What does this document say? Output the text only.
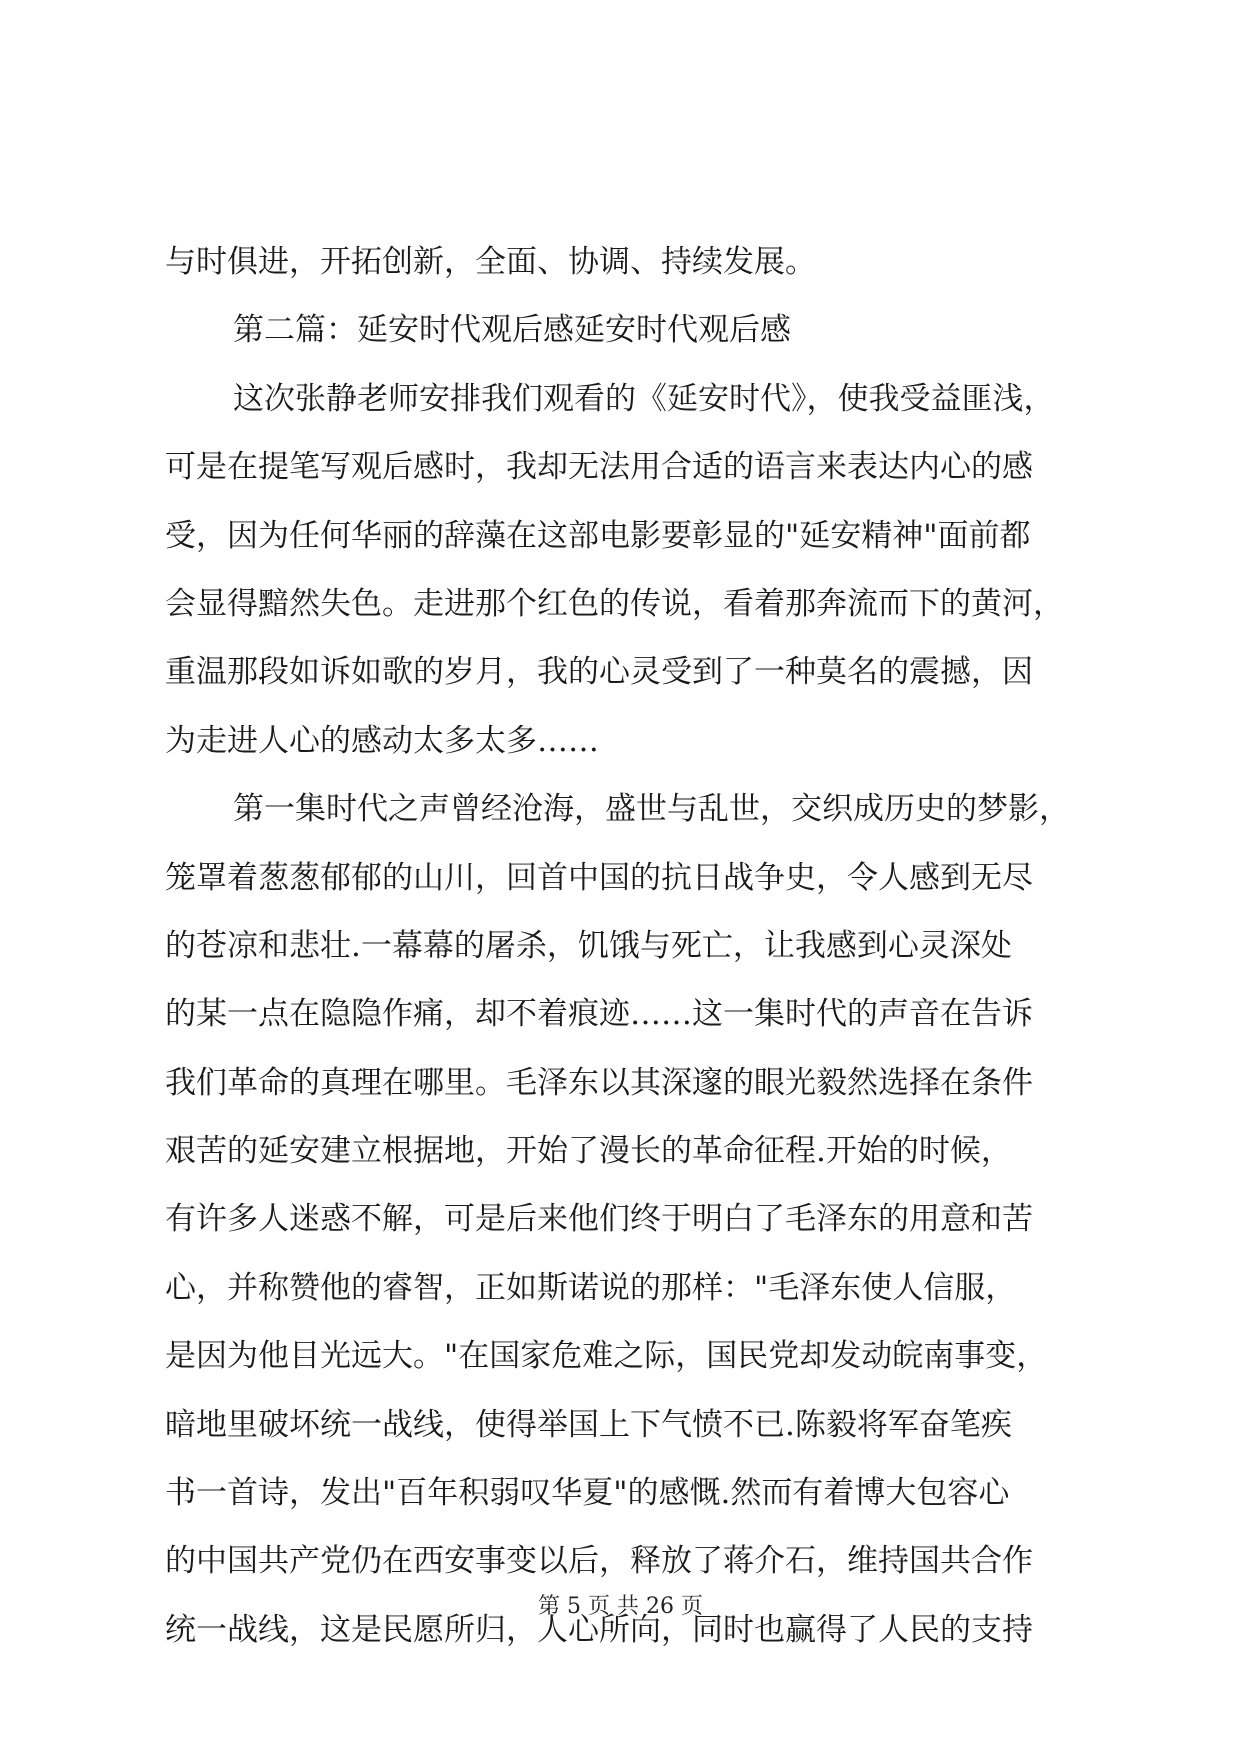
与时俱进，开拓创新，全面、协调、持续发展。
第二篇：延安时代观后感延安时代观后感
这次张静老师安排我们观看的《延安时代》，使我受益匪浅，
可是在提笔写观后感时，我却无法用合适的语言来表达内心的感
受，因为任何华丽的辞藻在这部电影要彰显的"延安精神"面前都
会显得黯然失色。走进那个红色的传说，看着那奔流而下的黄河，
重温那段如诉如歌的岁月，我的心灵受到了一种莫名的震撼，因
为走进人心的感动太多太多……
第一集时代之声曾经沧海，盛世与乱世，交织成历史的梦影，
笼罩着葱葱郁郁的山川，回首中国的抗日战争史，令人感到无尽
的苍凉和悲壮.一幕幕的屠杀，饥饿与死亡，让我感到心灵深处
的某一点在隐隐作痛，却不着痕迹……这一集时代的声音在告诉
我们革命的真理在哪里。毛泽东以其深邃的眼光毅然选择在条件
艰苦的延安建立根据地，开始了漫长的革命征程.开始的时候，
有许多人迷惑不解，可是后来他们终于明白了毛泽东的用意和苦
心，并称赞他的睿智，正如斯诺说的那样："毛泽东使人信服，
是因为他目光远大。"在国家危难之际，国民党却发动皖南事变，
暗地里破坏统一战线，使得举国上下气愤不已.陈毅将军奋笔疾
书一首诗，发出"百年积弱叹华夏"的感慨.然而有着博大包容心
的中国共产党仍在西安事变以后，释放了蒋介石，维持国共合作
统一战线，这是民愿所归，人心所向，同时也赢得了人民的支持
第 5 页 共 26 页
